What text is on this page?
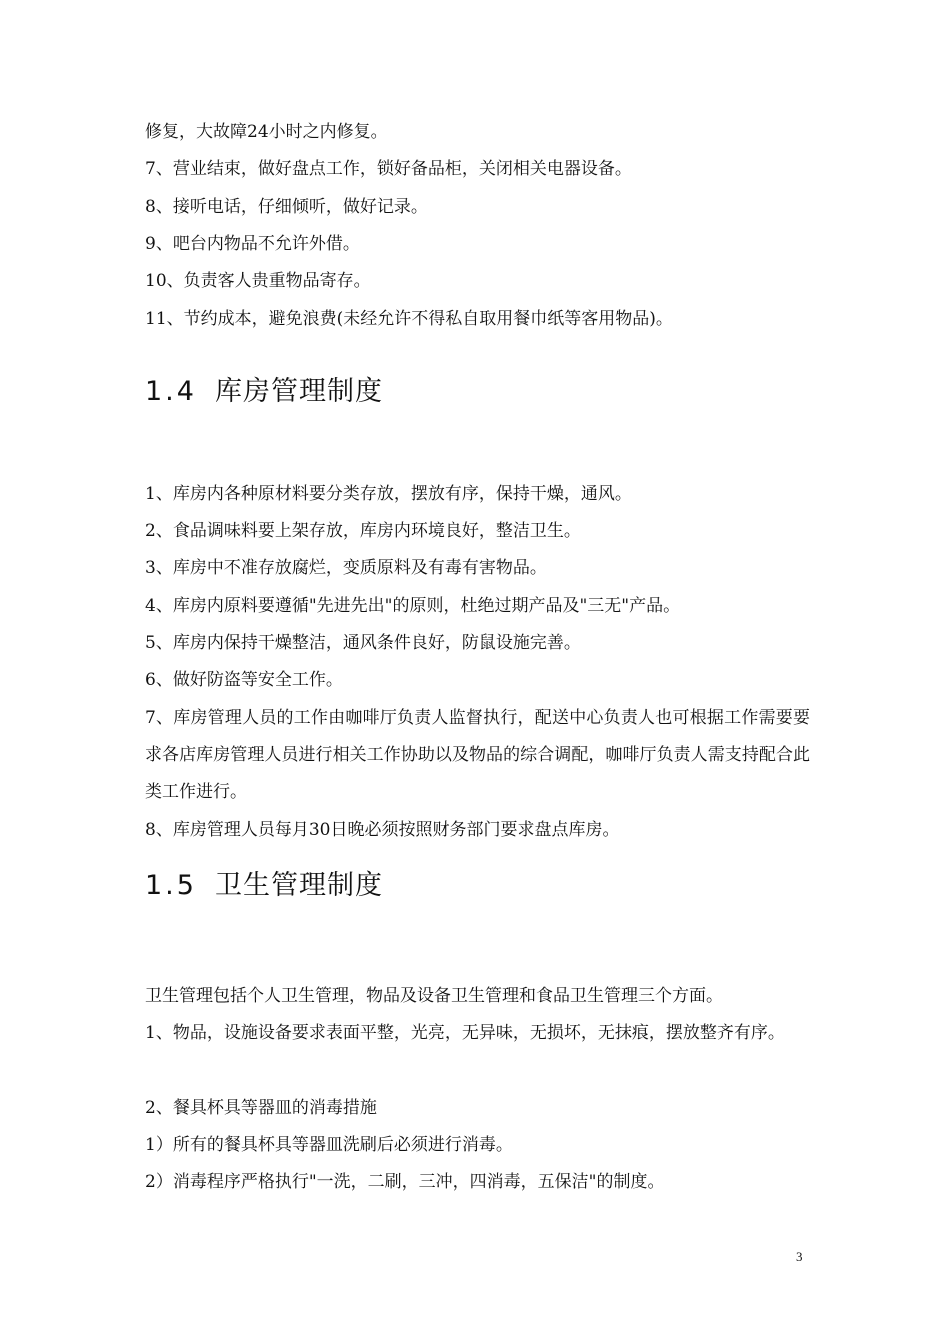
修复，大故障24小时之内修复。
7、营业结束，做好盘点工作，锁好备品柜，关闭相关电器设备。
8、接听电话，仔细倾听，做好记录。
9、吧台内物品不允许外借。
10、负责客人贵重物品寄存。
11、节约成本，避免浪费(未经允许不得私自取用餐巾纸等客用物品)。
1.4 库房管理制度
1、库房内各种原材料要分类存放，摆放有序，保持干燥，通风。
2、食品调味料要上架存放，库房内环境良好，整洁卫生。
3、库房中不准存放腐烂，变质原料及有毒有害物品。
4、库房内原料要遵循"先进先出"的原则，杜绝过期产品及"三无"产品。
5、库房内保持干燥整洁，通风条件良好，防鼠设施完善。
6、做好防盗等安全工作。
7、库房管理人员的工作由咖啡厅负责人监督执行，配送中心负责人也可根据工作需要要求各店库房管理人员进行相关工作协助以及物品的综合调配，咖啡厅负责人需支持配合此类工作进行。
8、库房管理人员每月30日晚必须按照财务部门要求盘点库房。
1.5 卫生管理制度
卫生管理包括个人卫生管理，物品及设备卫生管理和食品卫生管理三个方面。
1、物品，设施设备要求表面平整，光亮，无异味，无损坏，无抹痕，摆放整齐有序。
2、餐具杯具等器皿的消毒措施
1）所有的餐具杯具等器皿洗刷后必须进行消毒。
2）消毒程序严格执行"一洗，二刷，三冲，四消毒，五保洁"的制度。
3
